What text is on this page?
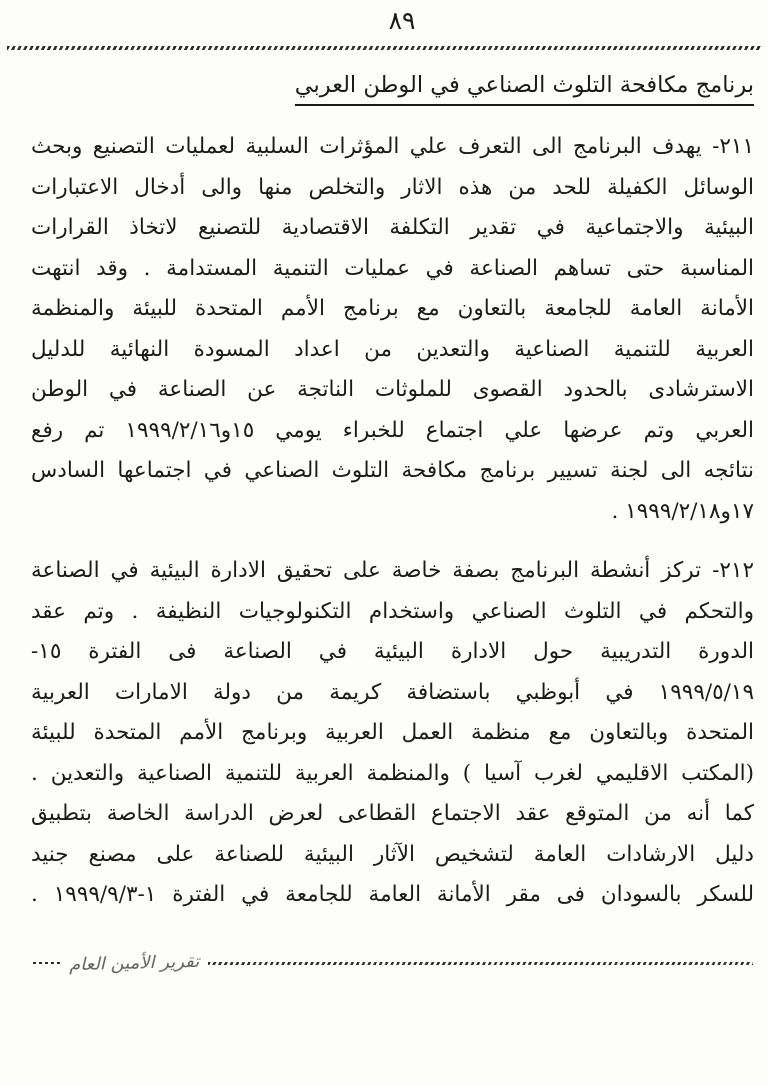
٨٩
برنامج مكافحة التلوث الصناعي في الوطن العربي
٢١١- يهدف البرنامج الى التعرف علي المؤثرات السلبية لعمليات التصنيع وبحث
الوسائل الكفيلة للحد من هذه الاثار والتخلص منها والى أدخال الاعتبارات
البيئية والاجتماعية في تقدير التكلفة الاقتصادية للتصنيع لاتخاذ القرارات
المناسبة حتى تساهم الصناعة في عمليات التنمية المستدامة . وقد انتهت
الأمانة العامة للجامعة بالتعاون مع برنامج الأمم المتحدة للبيئة والمنظمة
العربية للتنمية الصناعية والتعدين من اعداد المسودة النهائية للدليل
الاسترشادى بالحدود القصوى للملوثات الناتجة عن الصناعة في الوطن
العربي وتم عرضها علي اجتماع للخبراء يومي ١٥و١٩٩٩/٢/١٦ تم رفع
نتائجه الى لجنة تسيير برنامج مكافحة التلوث الصناعي في اجتماعها السادس
١٧و١٩٩٩/٢/١٨ .
٢١٢- تركز أنشطة البرنامج بصفة خاصة على تحقيق الادارة البيئية في الصناعة
والتحكم في التلوث الصناعي واستخدام التكنولوجيات النظيفة . وتم عقد
الدورة التدريبية حول الادارة البيئية في الصناعة فى الفترة ١٥-
١٩٩٩/٥/١٩ في أبوظبي باستضافة كريمة من دولة الامارات العربية
المتحدة وبالتعاون مع منظمة العمل العربية وبرنامج الأمم المتحدة للبيئة
(المكتب الاقليمي لغرب آسيا ) والمنظمة العربية للتنمية الصناعية والتعدين .
كما أنه من المتوقع عقد الاجتماع القطاعى لعرض الدراسة الخاصة بتطبيق
دليل الارشادات العامة لتشخيص الآثار البيئية للصناعة على مصنع جنيد
للسكر بالسودان فى مقر الأمانة العامة للجامعة في الفترة ١-١٩٩٩/٩/٣ .
تقرير الأمين العام
